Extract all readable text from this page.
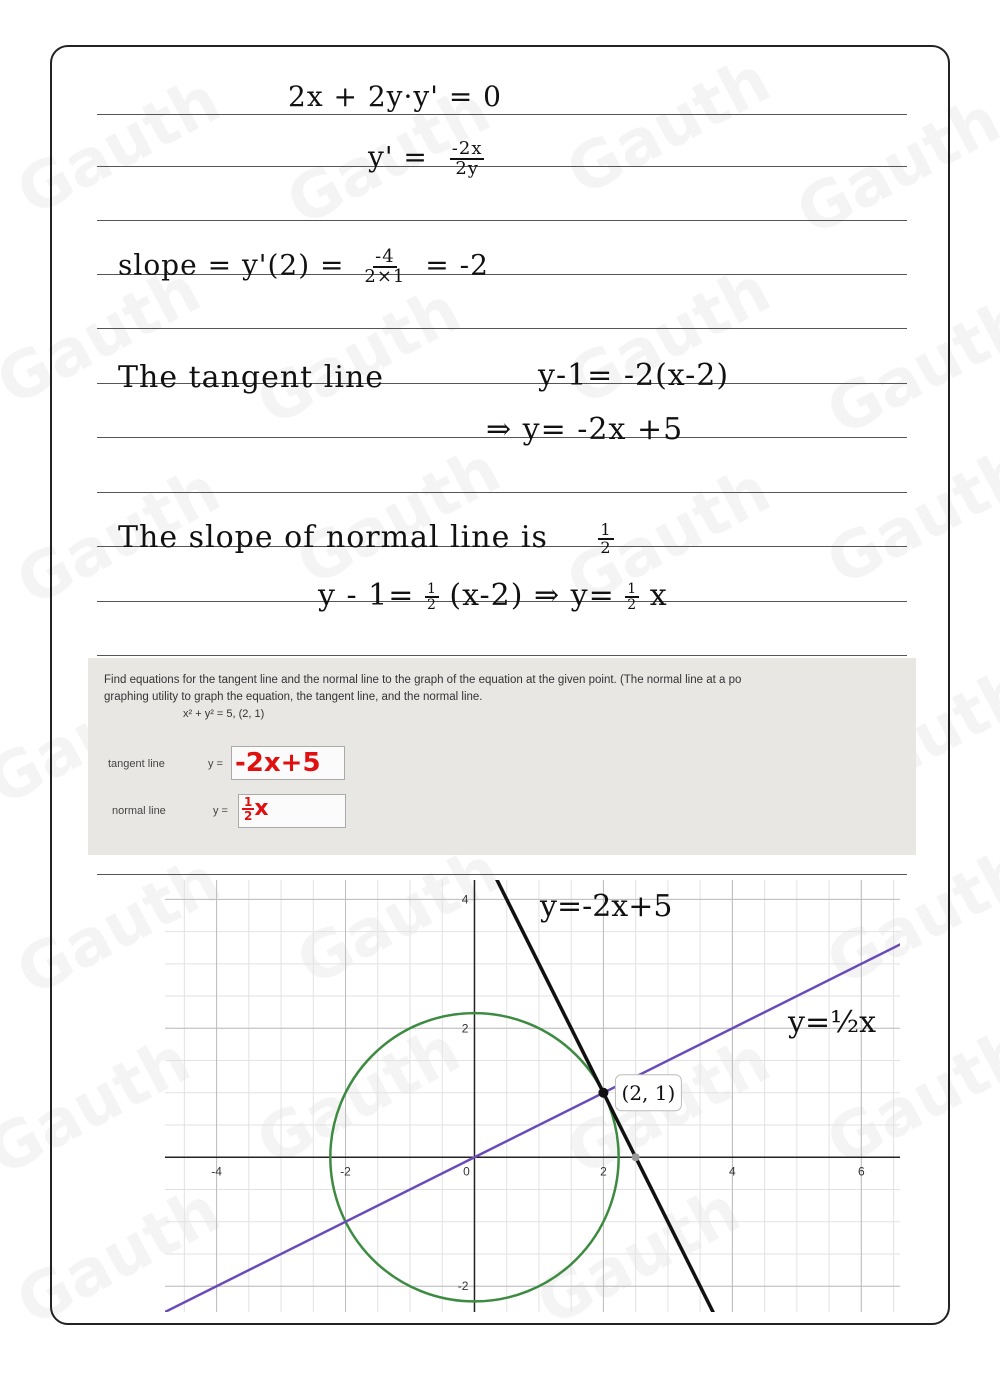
2x + 2y·y' = 0
$y' = \frac{-2x}{2y}$
slope = $y'(2) = \frac{-4}{2\times 1} = -2$
The tangent line	y-1= -2(x-2)
⇒ y= -2x +5
The slope of normal line is	$\frac{1}{2}$
$y - 1= \frac{1}{2} (x-2)$ ⇒ $y= \frac{1}{2}$ x
Find equations for the tangent line and the normal line to the graph of the equation at the given point. (The normal line at a po
graphing utility to graph the equation, the tangent line, and the normal line.
x² + y² = 5, (2, 1)
tangent line	y = -2x+5
normal line	$y = \frac{1}{2}$ x
-4	-2	0	2	4	6
-2
2
4
(2, 1)
y=-2x+5
y=½x
